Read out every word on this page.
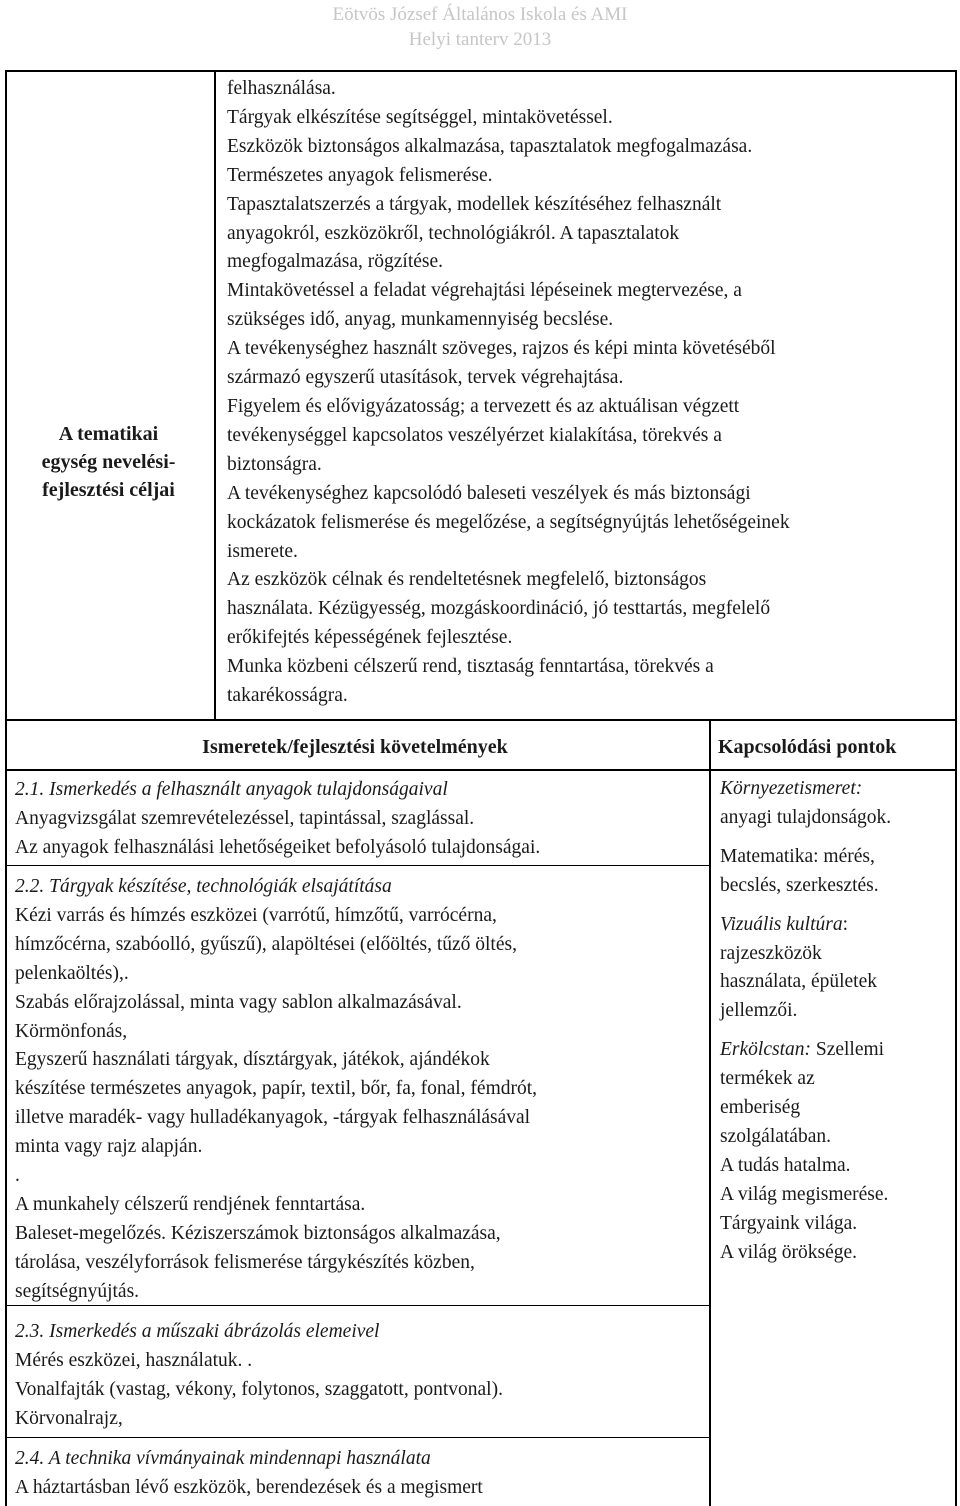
Eötvös József Általános Iskola és AMI
Helyi tanterv 2013
A tematikai
egység nevelési-
fejlesztési céljai

felhasználása.

Tárgyak elkészítése segítséggel, mintakövetéssel.

Eszközök biztonságos alkalmazása, tapasztalatok megfogalmazása.

Természetes anyagok felismerése.

Tapasztalatszerzés a tárgyak, modellek készítéséhez felhasznált

anyagokról, eszközökről, technológiákról. A tapasztalatok

megfogalmazása, rögzítése.

Mintakövetéssel a feladat végrehajtási lépéseinek megtervezése, a

szükséges idő, anyag, munkamennyiség becslése.

A tevékenységhez használt szöveges, rajzos és képi minta követéséből

származó egyszerű utasítások, tervek végrehajtása.

Figyelem és elővigyázatosság; a tervezett és az aktuálisan végzett

tevékenységgel kapcsolatos veszélyérzet kialakítása, törekvés a

biztonságra.

A tevékenységhez kapcsolódó baleseti veszélyek és más biztonsági

kockázatok felismerése és megelőzése, a segítségnyújtás lehetőségeinek

ismerete.

Az eszközök célnak és rendeltetésnek megfelelő, biztonságos

használata. Kézügyesség, mozgáskoordináció, jó testtartás, megfelelő

erőkifejtés képességének fejlesztése.

Munka közbeni célszerű rend, tisztaság fenntartása, törekvés a

takarékosságra.

Ismeretek/fejlesztési követelmények	Kapcsolódási pontok

2.1. Ismerkedés a felhasznált anyagok tulajdonságaival

Anyagvizsgálat szemrevételezéssel, tapintással, szaglással.

Az anyagok felhasználási lehetőségeiket befolyásoló tulajdonságai.

2.2. Tárgyak készítése, technológiák elsajátítása

Kézi varrás és hímzés eszközei (varrótű, hímzőtű, varrócérna,

hímzőcérna, szabóolló, gyűszű), alapöltései (előöltés, tűző öltés,

pelenkaöltés),.

Szabás előrajzolással, minta vagy sablon alkalmazásával.

Körmönfonás,

Egyszerű használati tárgyak, dísztárgyak, játékok, ajándékok

készítése természetes anyagok, papír, textil, bőr, fa, fonal, fémdrót,

illetve maradék- vagy hulladékanyagok, -tárgyak felhasználásával

minta vagy rajz alapján.

.

A munkahely célszerű rendjének fenntartása.

Baleset-megelőzés. Kéziszerszámok biztonságos alkalmazása,

tárolása, veszélyforrások felismerése tárgykészítés közben,

segítségnyújtás.

2.3. Ismerkedés a műszaki ábrázolás elemeivel

Mérés eszközei, használatuk. .

Vonalfajták (vastag, vékony, folytonos, szaggatott, pontvonal).

Körvonalrajz,

2.4. A technika vívmányainak mindennapi használata

A háztartásban lévő eszközök, berendezések és a megismert

Környezetismeret:

anyagi tulajdonságok.

Matematika: mérés,

becslés, szerkesztés.

Vizuális kultúra:

rajzeszközök

használata, épületek

jellemzői.

Erkölcstan: Szellemi

termékek az

emberiség

szolgálatában.

A tudás hatalma.

A világ megismerése.

Tárgyaink világa.

A világ öröksége.
